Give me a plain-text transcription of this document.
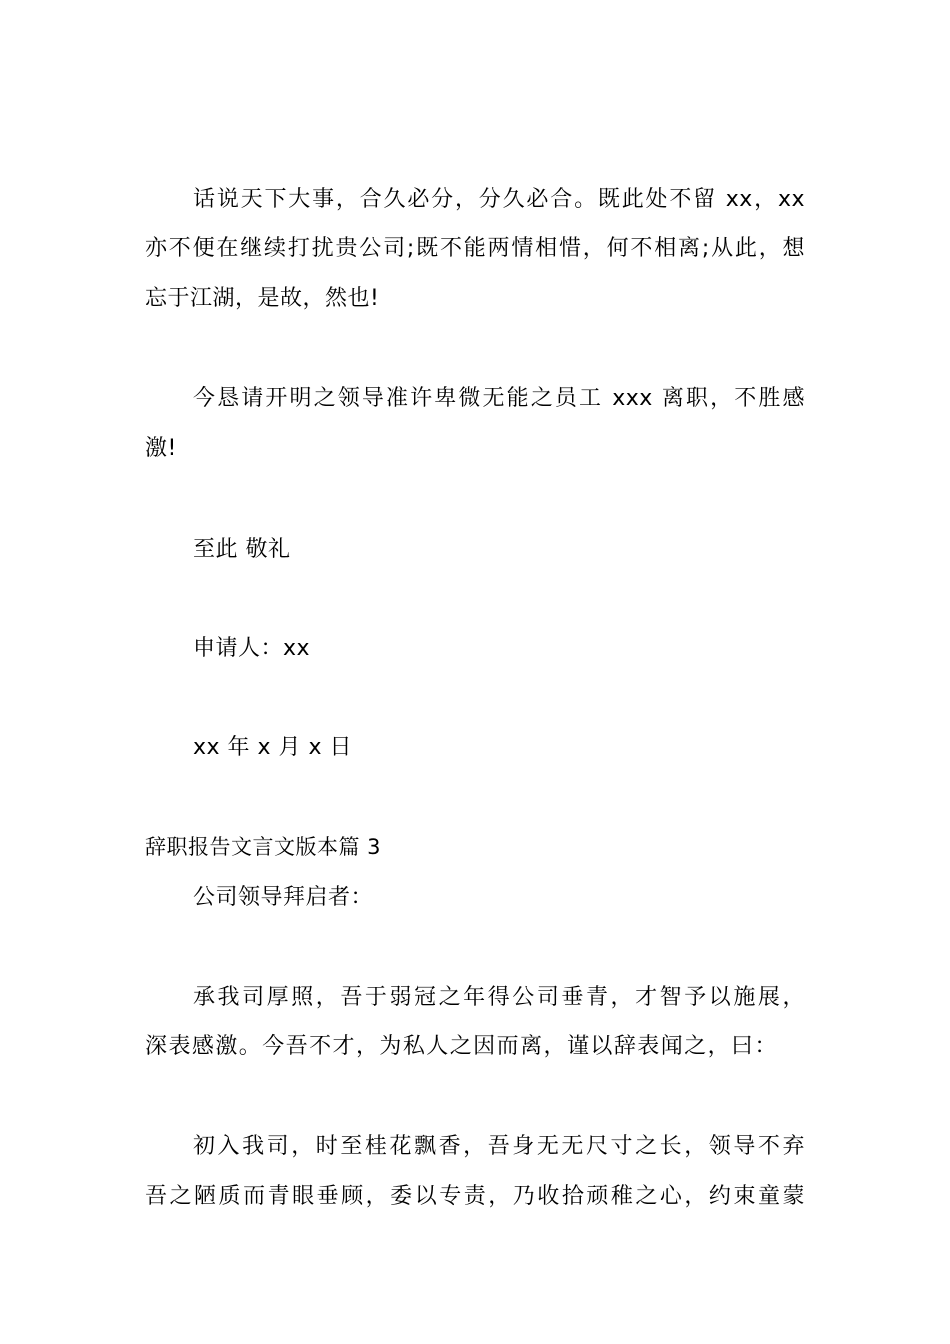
话说天下大事，合久必分，分久必合。既此处不留 xx，xx
亦不便在继续打扰贵公司;既不能两情相惜，何不相离;从此，想
忘于江湖，是故，然也!
今恳请开明之领导准许卑微无能之员工 xxx 离职，不胜感
激!
至此 敬礼
申请人：xx
xx 年 x 月 x 日
辞职报告文言文版本篇 3
公司领导拜启者：
承我司厚照，吾于弱冠之年得公司垂青，才智予以施展，
深表感激。今吾不才，为私人之因而离，谨以辞表闻之，曰：
初入我司，时至桂花飘香，吾身无无尺寸之长，领导不弃
吾之陋质而青眼垂顾，委以专责，乃收拾顽稚之心，约束童蒙
